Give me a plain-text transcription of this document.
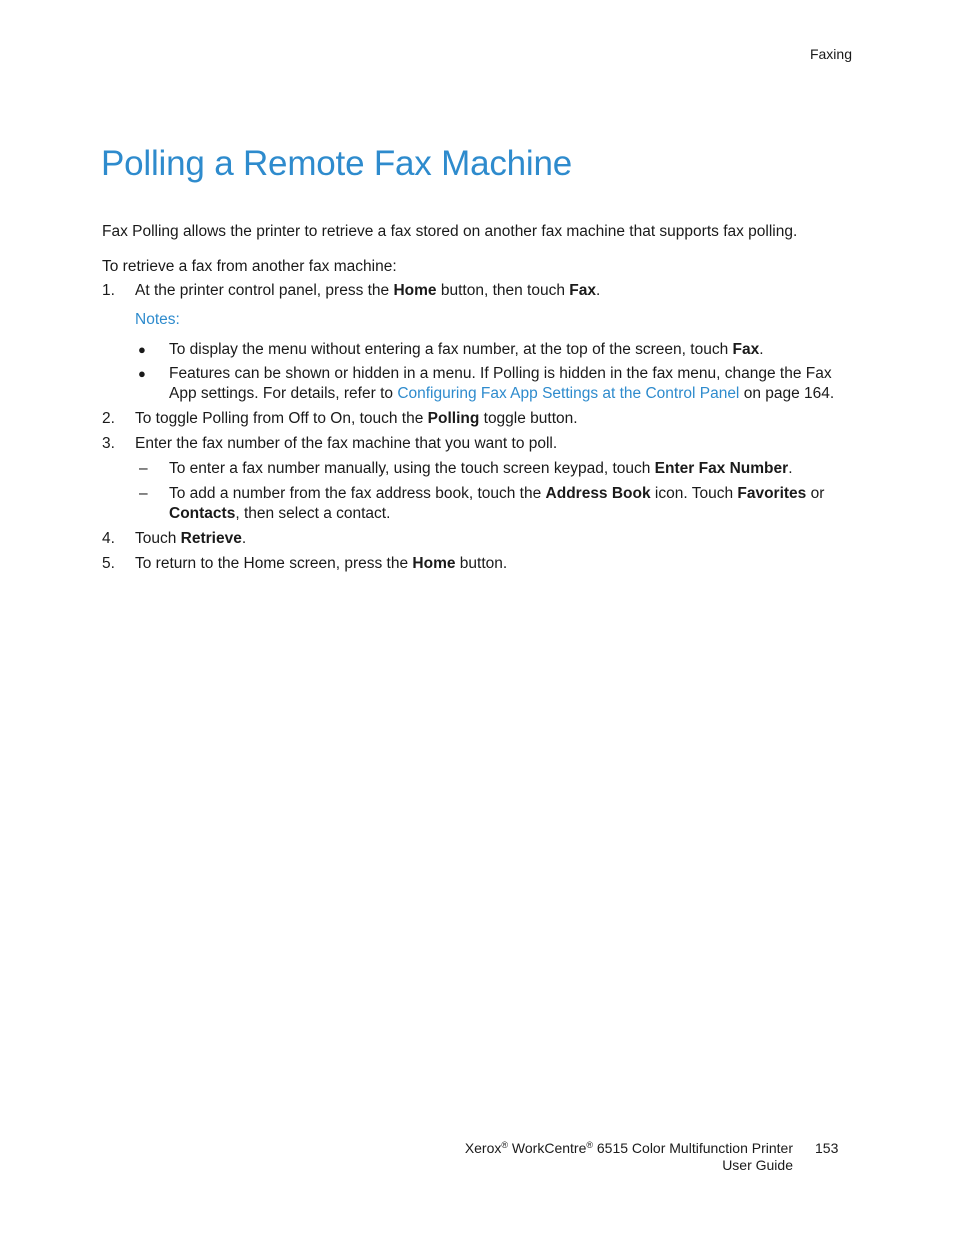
Faxing
Polling a Remote Fax Machine

Fax Polling allows the printer to retrieve a fax stored on another fax machine that supports fax polling.

To retrieve a fax from another fax machine:

1. At the printer control panel, press the Home button, then touch Fax.

Notes:

● To display the menu without entering a fax number, at the top of the screen, touch Fax.
● Features can be shown or hidden in a menu. If Polling is hidden in the fax menu, change the Fax App settings. For details, refer to Configuring Fax App Settings at the Control Panel on page 164.
2. To toggle Polling from Off to On, touch the Polling toggle button.
3. Enter the fax number of the fax machine that you want to poll.
– To enter a fax number manually, using the touch screen keypad, touch Enter Fax Number.
– To add a number from the fax address book, touch the Address Book icon. Touch Favorites or Contacts, then select a contact.
4. Touch Retrieve.
5. To return to the Home screen, press the Home button.
Xerox® WorkCentre® 6515 Color Multifunction Printer
User Guide
153
